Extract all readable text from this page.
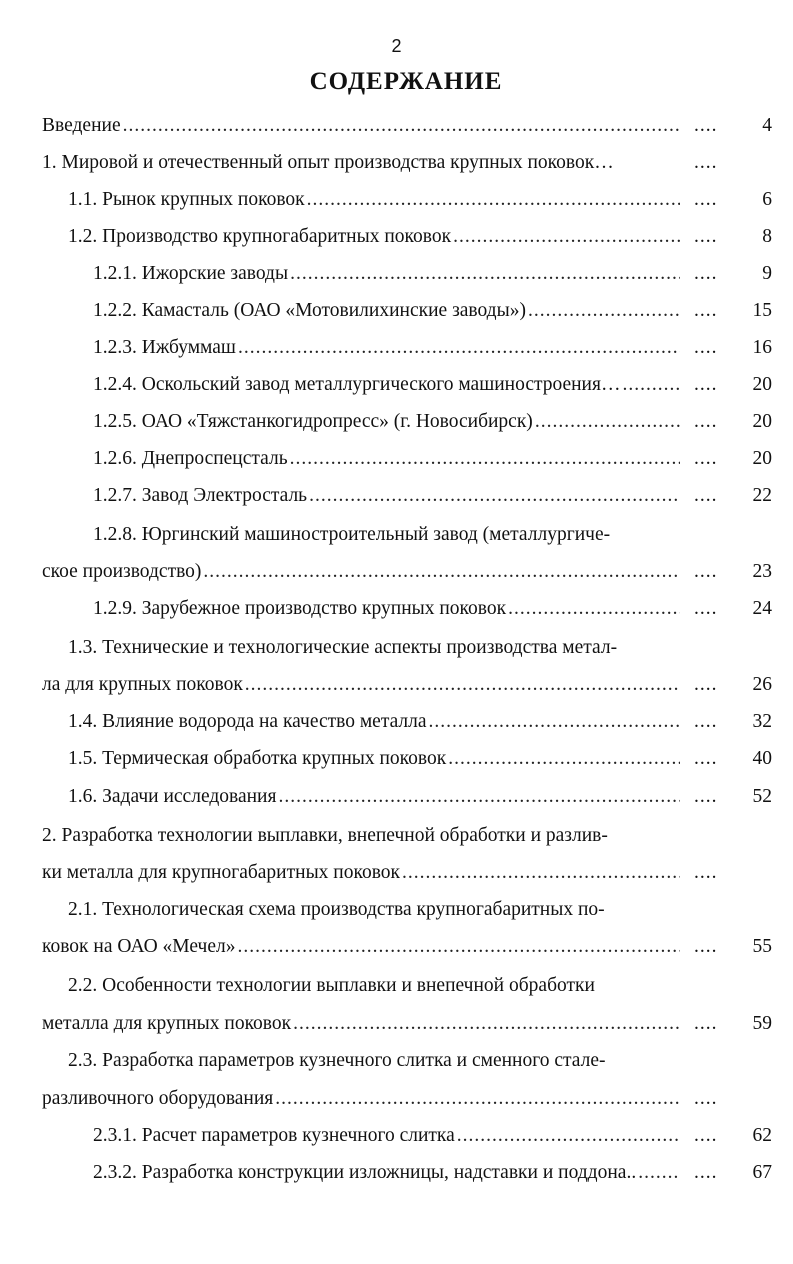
2
СОДЕРЖАНИЕ
Введение .....	....	4
1. Мировой и отечественный опыт производства крупных поковок…	....
1.1. Рынок крупных поковок .....	....	6
1.2. Производство крупногабаритных поковок .....	....	8
1.2.1. Ижорские заводы .....	....	9
1.2.2. Камасталь (ОАО «Мотовилихинские заводы») .....	....	15
1.2.3. Ижбуммаш .....	....	16
1.2.4. Оскольский завод металлургического машиностроения… .....	....	20
1.2.5. ОАО «Тяжстанкогидропресс» (г. Новосибирск) .....	....	20
1.2.6. Днепроспецсталь .....	....	20
1.2.7. Завод Электросталь .....	....	22
1.2.8. Юргинский машиностроительный завод (металлургиче-
ское производство) .....	....	23
1.2.9. Зарубежное производство крупных поковок .....	....	24
1.3. Технические и технологические аспекты производства метал-
ла для крупных поковок .....	....	26
1.4. Влияние водорода на качество металла .....	....	32
1.5. Термическая обработка крупных поковок .....	....	40
1.6. Задачи исследования .....	....	52
2. Разработка технологии выплавки, внепечной обработки и разлив-
ки металла для крупногабаритных поковок .....	....
2.1. Технологическая схема производства крупногабаритных по-
ковок на ОАО «Мечел» .....	....	55
2.2. Особенности технологии выплавки и внепечной обработки
металла для крупных поковок .....	....	59
2.3. Разработка параметров кузнечного слитка и сменного стале-
разливочного оборудования .....	....
2.3.1. Расчет параметров кузнечного слитка .....	....	62
2.3.2. Разработка конструкции изложницы, надставки и поддона.. .....	....	67
